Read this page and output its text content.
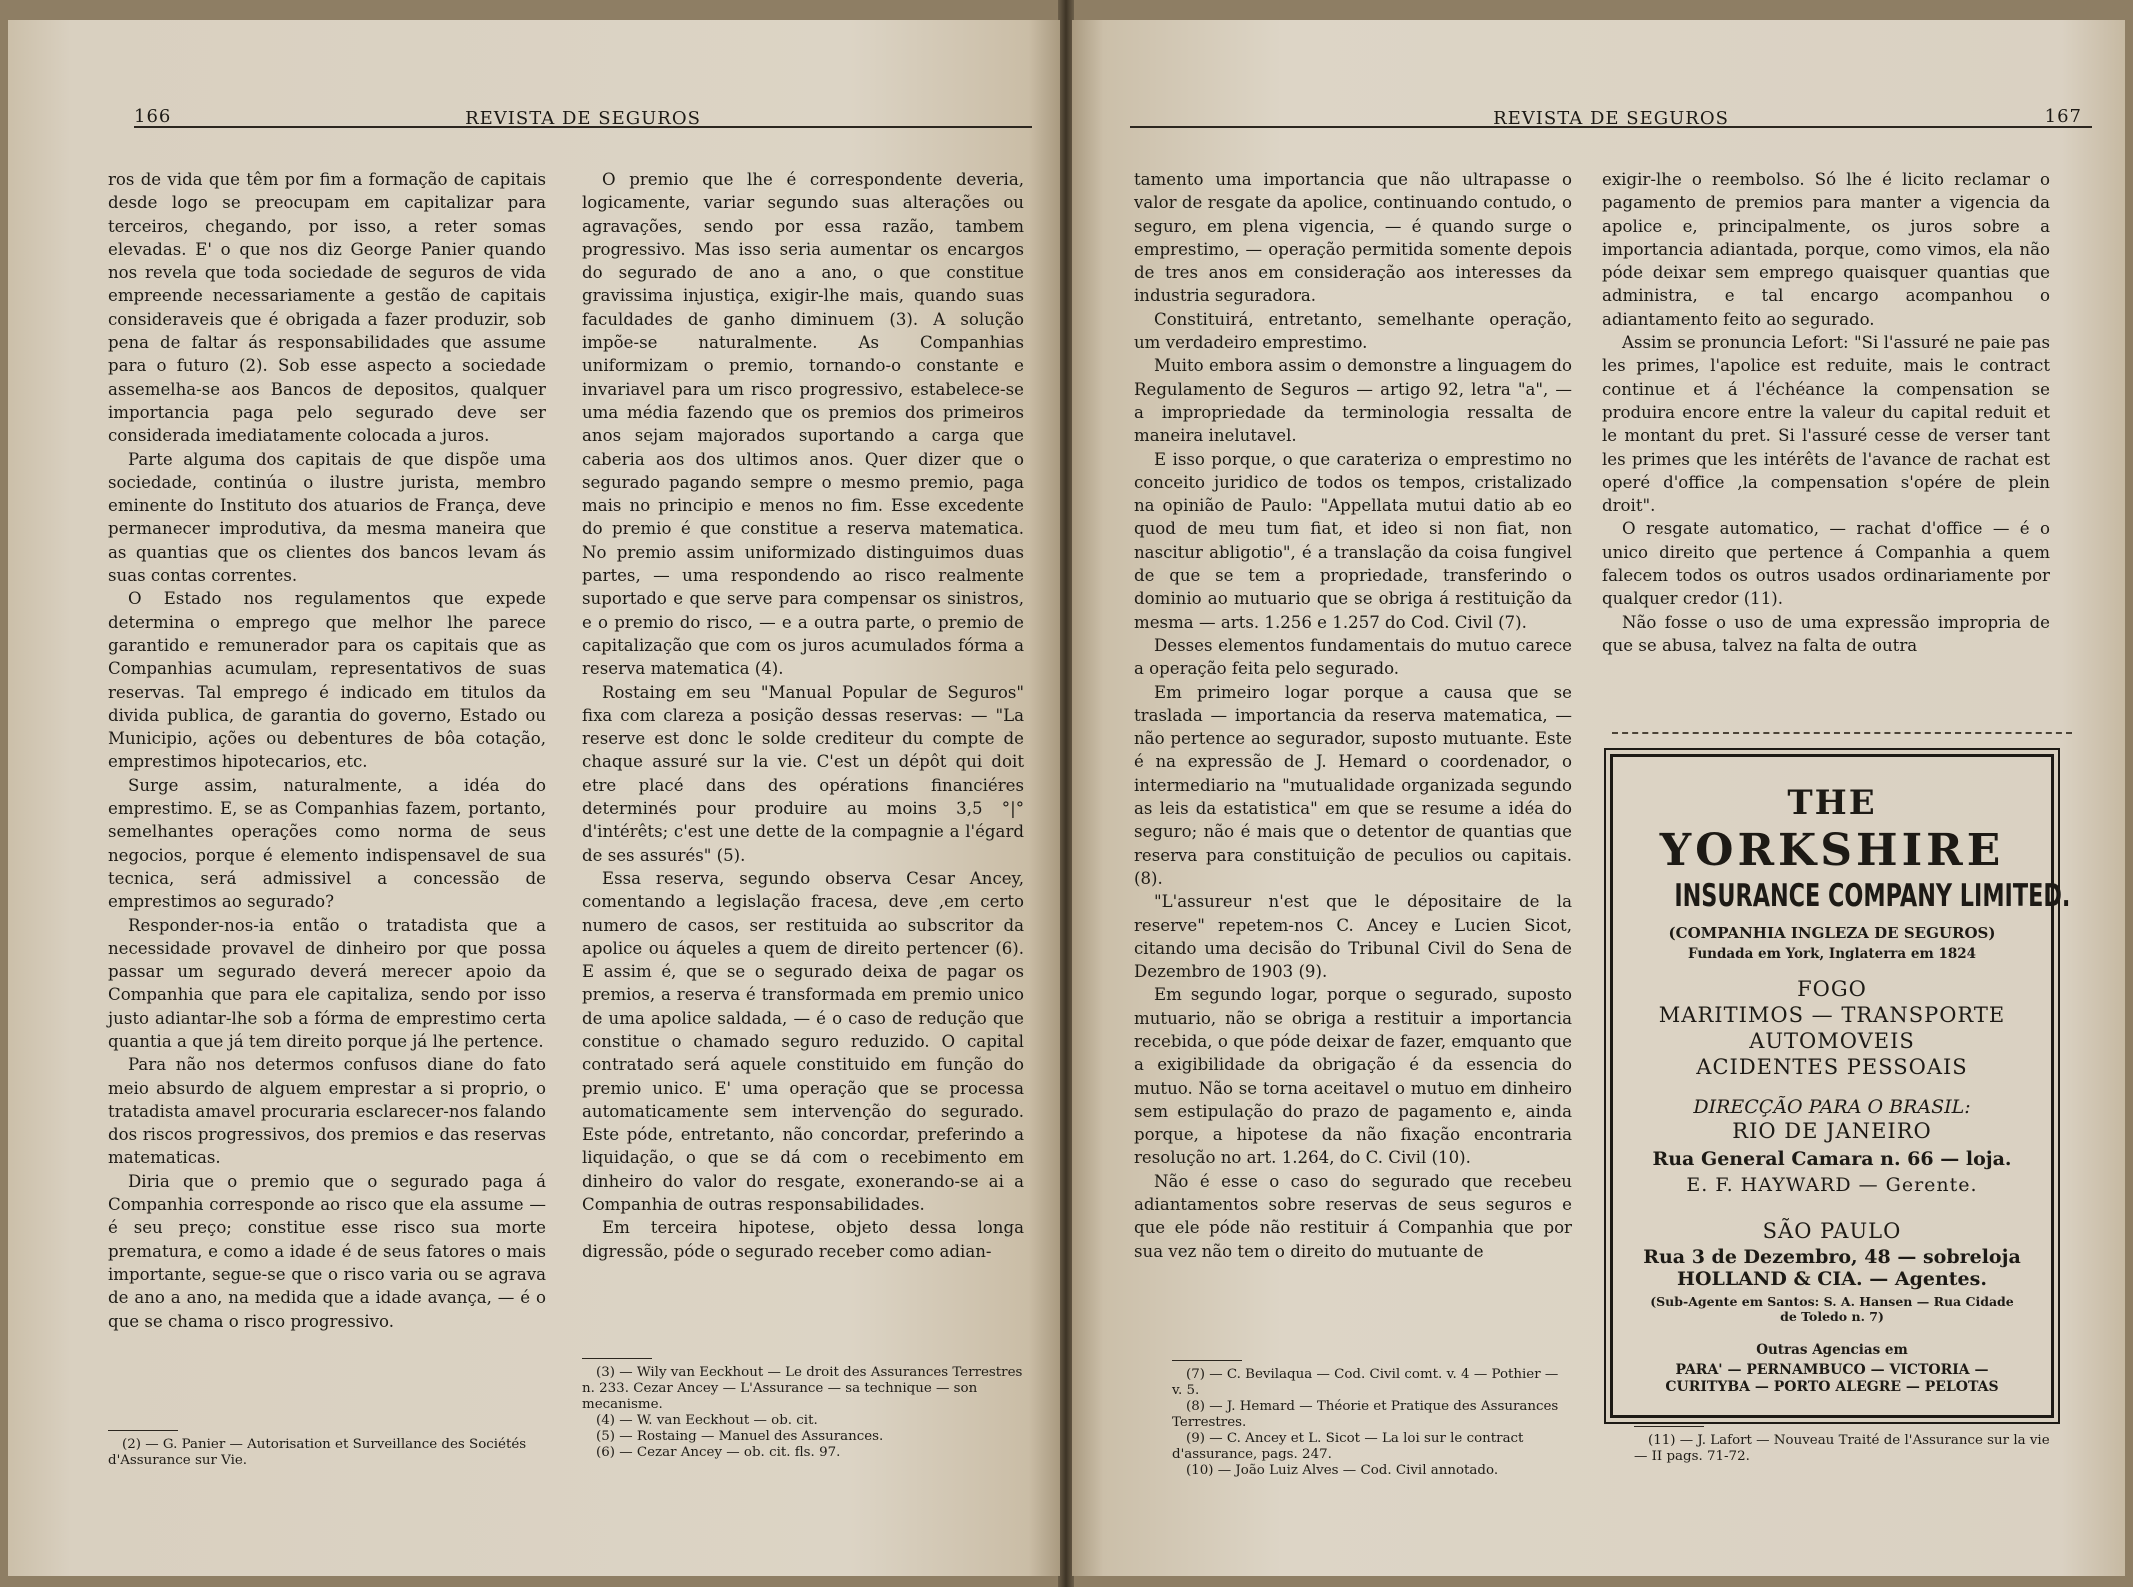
166	REVISTA DE SEGUROS

ros de vida que têm por fim a formação de capitais desde logo se preocupam em capitalizar para terceiros, chegando, por isso, a reter somas elevadas. E' o que nos diz George Panier quando nos revela que toda sociedade de seguros de vida empreende necessariamente a gestão de capitais consideraveis que é obrigada a fazer produzir, sob pena de faltar ás responsabilidades que assume para o futuro (2). Sob esse aspecto a sociedade assemelha-se aos Bancos de depositos, qualquer importancia paga pelo segurado deve ser considerada imediatamente colocada a juros.

Parte alguma dos capitais de que dispõe uma sociedade, continúa o ilustre jurista, membro eminente do Instituto dos atuarios de França, deve permanecer improdutiva, da mesma maneira que as quantias que os clientes dos bancos levam ás suas contas correntes.

O Estado nos regulamentos que expede determina o emprego que melhor lhe parece garantido e remunerador para os capitais que as Companhias acumulam, representativos de suas reservas. Tal emprego é indicado em titulos da divida publica, de garantia do governo, Estado ou Municipio, ações ou debentures de bôa cotação, emprestimos hipotecarios, etc.

Surge assim, naturalmente, a idéa do emprestimo. E, se as Companhias fazem, portanto, semelhantes operações como norma de seus negocios, porque é elemento indispensavel de sua tecnica, será admissivel a concessão de emprestimos ao segurado?

Responder-nos-ia então o tratadista que a necessidade provavel de dinheiro por que possa passar um segurado deverá merecer apoio da Companhia que para ele capitaliza, sendo por isso justo adiantar-lhe sob a fórma de emprestimo certa quantia a que já tem direito porque já lhe pertence.

Para não nos determos confusos diane do fato meio absurdo de alguem emprestar a si proprio, o tratadista amavel procuraria esclarecer-nos falando dos riscos progressivos, dos premios e das reservas matematicas.

Diria que o premio que o segurado paga á Companhia corresponde ao risco que ela assume — é seu preço; constitue esse risco sua morte prematura, e como a idade é de seus fatores o mais importante, segue-se que o risco varia ou se agrava de ano a ano, na medida que a idade avança, — é o que se chama o risco progressivo.

(2) — G. Panier — Autorisation et Surveillance des Sociétés d'Assurance sur Vie.

O premio que lhe é correspondente deveria, logicamente, variar segundo suas alterações ou agravações, sendo por essa razão, tambem progressivo. Mas isso seria aumentar os encargos do segurado de ano a ano, o que constitue gravissima injustiça, exigir-lhe mais, quando suas faculdades de ganho diminuem (3). A solução impõe-se naturalmente. As Companhias uniformizam o premio, tornando-o constante e invariavel para um risco progressivo, estabelece-se uma média fazendo que os premios dos primeiros anos sejam majorados suportando a carga que caberia aos dos ultimos anos. Quer dizer que o segurado pagando sempre o mesmo premio, paga mais no principio e menos no fim. Esse excedente do premio é que constitue a reserva matematica. No premio assim uniformizado distinguimos duas partes, — uma respondendo ao risco realmente suportado e que serve para compensar os sinistros, e o premio do risco, — e a outra parte, o premio de capitalização que com os juros acumulados fórma a reserva matematica (4).

Rostaing em seu "Manual Popular de Seguros" fixa com clareza a posição dessas reservas: — "La reserve est donc le solde crediteur du compte de chaque assuré sur la vie. C'est un dépôt qui doit etre placé dans des opérations financiéres determinés pour produire au moins 3,5 °|° d'intérêts; c'est une dette de la compagnie a l'égard de ses assurés" (5).

Essa reserva, segundo observa Cesar Ancey, comentando a legislação fracesa, deve ,em certo numero de casos, ser restituida ao subscritor da apolice ou áqueles a quem de direito pertencer (6). E assim é, que se o segurado deixa de pagar os premios, a reserva é transformada em premio unico de uma apolice saldada, — é o caso de redução que constitue o chamado seguro reduzido. O capital contratado será aquele constituido em função do premio unico. E' uma operação que se processa automaticamente sem intervenção do segurado. Este póde, entretanto, não concordar, preferindo a liquidação, o que se dá com o recebimento em dinheiro do valor do resgate, exonerando-se ai a Companhia de outras responsabilidades.

Em terceira hipotese, objeto dessa longa digressão, póde o segurado receber como adian-

(3) — Wily van Eeckhout — Le droit des Assurances Terrestres n. 233. Cezar Ancey — L'Assurance — sa technique — son mecanisme.

(4) — W. van Eeckhout — ob. cit.

(5) — Rostaing — Manuel des Assurances.

(6) — Cezar Ancey — ob. cit. fls. 97.

REVISTA DE SEGUROS	167

tamento uma importancia que não ultrapasse o valor de resgate da apolice, continuando contudo, o seguro, em plena vigencia, — é quando surge o emprestimo, — operação permitida somente depois de tres anos em consideração aos interesses da industria seguradora.

Constituirá, entretanto, semelhante operação, um verdadeiro emprestimo.

Muito embora assim o demonstre a linguagem do Regulamento de Seguros — artigo 92, letra "a", — a impropriedade da terminologia ressalta de maneira inelutavel.

E isso porque, o que carateriza o emprestimo no conceito juridico de todos os tempos, cristalizado na opinião de Paulo: "Appellata mutui datio ab eo quod de meu tum fiat, et ideo si non fiat, non nascitur abligotio", é a translação da coisa fungivel de que se tem a propriedade, transferindo o dominio ao mutuario que se obriga á restituição da mesma — arts. 1.256 e 1.257 do Cod. Civil (7).

Desses elementos fundamentais do mutuo carece a operação feita pelo segurado.

Em primeiro logar porque a causa que se traslada — importancia da reserva matematica, — não pertence ao segurador, suposto mutuante. Este é na expressão de J. Hemard o coordenador, o intermediario na "mutualidade organizada segundo as leis da estatistica" em que se resume a idéa do seguro; não é mais que o detentor de quantias que reserva para constituição de peculios ou capitais. (8).

"L'assureur n'est que le dépositaire de la reserve" repetem-nos C. Ancey e Lucien Sicot, citando uma decisão do Tribunal Civil do Sena de Dezembro de 1903 (9).

Em segundo logar, porque o segurado, suposto mutuario, não se obriga a restituir a importancia recebida, o que póde deixar de fazer, emquanto que a exigibilidade da obrigação é da essencia do mutuo. Não se torna aceitavel o mutuo em dinheiro sem estipulação do prazo de pagamento e, ainda porque, a hipotese da não fixação encontraria resolução no art. 1.264, do C. Civil (10).

Não é esse o caso do segurado que recebeu adiantamentos sobre reservas de seus seguros e que ele póde não restituir á Companhia que por sua vez não tem o direito do mutuante de

(7) — C. Bevilaqua — Cod. Civil comt. v. 4 — Pothier — v. 5.

(8) — J. Hemard — Théorie et Pratique des Assurances Terrestres.

(9) — C. Ancey et L. Sicot — La loi sur le contract d'assurance, pags. 247.

(10) — João Luiz Alves — Cod. Civil annotado.

exigir-lhe o reembolso. Só lhe é licito reclamar o pagamento de premios para manter a vigencia da apolice e, principalmente, os juros sobre a importancia adiantada, porque, como vimos, ela não póde deixar sem emprego quaisquer quantias que administra, e tal encargo acompanhou o adiantamento feito ao segurado.

Assim se pronuncia Lefort: "Si l'assuré ne paie pas les primes, l'apolice est reduite, mais le contract continue et á l'échéance la compensation se produira encore entre la valeur du capital reduit et le montant du pret. Si l'assuré cesse de verser tant les primes que les intérêts de l'avance de rachat est operé d'office ,la compensation s'opére de plein droit".

O resgate automatico, — rachat d'office — é o unico direito que pertence á Companhia a quem falecem todos os outros usados ordinariamente por qualquer credor (11).

Não fosse o uso de uma expressão impropria de que se abusa, talvez na falta de outra

THE
YORKSHIRE
INSURANCE COMPANY LIMITED.
(COMPANHIA INGLEZA DE SEGUROS)
Fundada em York, Inglaterra em 1824
FOGO
MARITIMOS — TRANSPORTE
AUTOMOVEIS
ACIDENTES PESSOAIS
DIRECÇÃO PARA O BRASIL:
RIO DE JANEIRO
Rua General Camara n. 66 — loja.
E. F. HAYWARD — Gerente.
SÃO PAULO
Rua 3 de Dezembro, 48 — sobreloja
HOLLAND & CIA. — Agentes.
(Sub-Agente em Santos: S. A. Hansen — Rua Cidade de Toledo n. 7)
Outras Agencias em
PARA' — PERNAMBUCO — VICTORIA — CURITYBA — PORTO ALEGRE — PELOTAS

(11) — J. Lafort — Nouveau Traité de l'Assurance sur la vie — II pags. 71-72.
